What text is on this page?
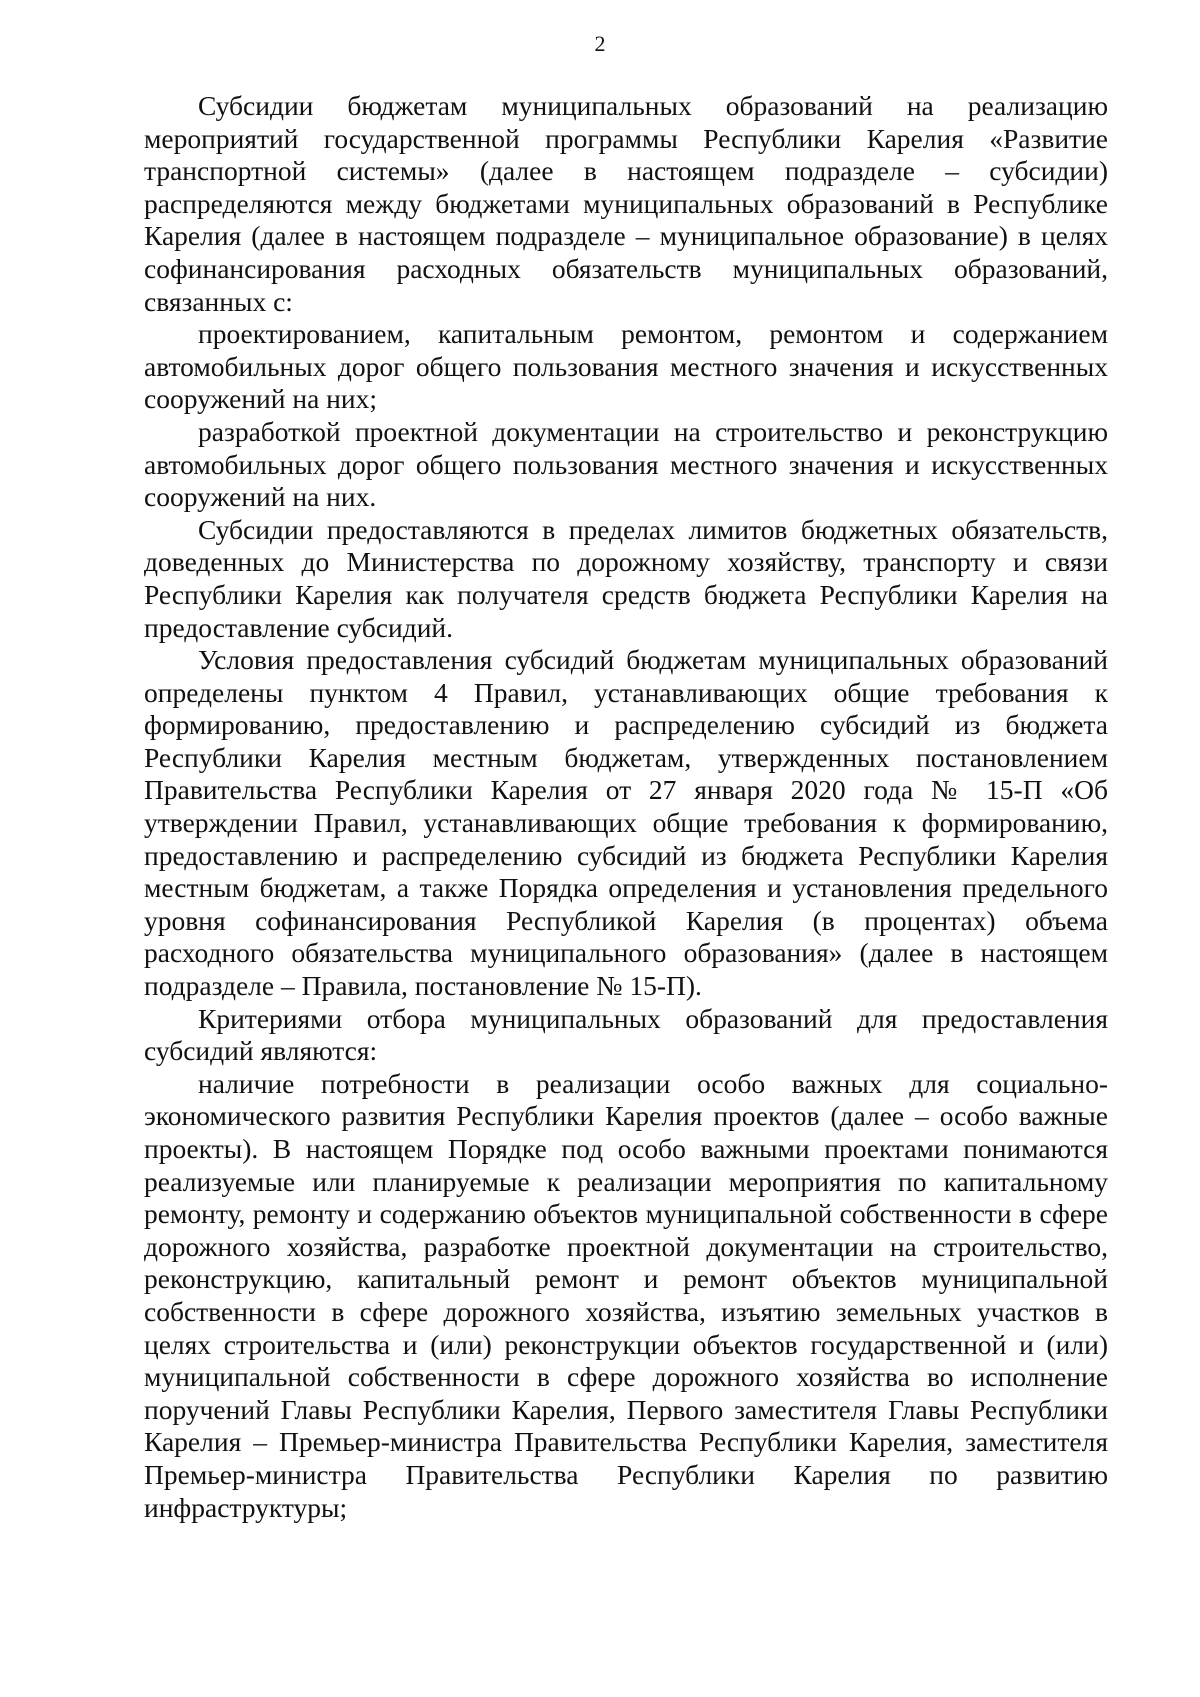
2

Субсидии бюджетам муниципальных образований на реализацию мероприятий государственной программы Республики Карелия «Развитие транспортной системы» (далее в настоящем подразделе – субсидии) распределяются между бюджетами муниципальных образований в Республике Карелия (далее в настоящем подразделе – муниципальное образование) в целях софинансирования расходных обязательств муниципальных образований, связанных с:

проектированием, капитальным ремонтом, ремонтом и содержанием автомобильных дорог общего пользования местного значения и искусственных сооружений на них;

разработкой проектной документации на строительство и реконструкцию автомобильных дорог общего пользования местного значения и искусственных сооружений на них.

Субсидии предоставляются в пределах лимитов бюджетных обязательств, доведенных до Министерства по дорожному хозяйству, транспорту и связи Республики Карелия как получателя средств бюджета Республики Карелия на предоставление субсидий.

Условия предоставления субсидий бюджетам муниципальных образований определены пунктом 4 Правил, устанавливающих общие требования к формированию, предоставлению и распределению субсидий из бюджета Республики Карелия местным бюджетам, утвержденных постановлением Правительства Республики Карелия от 27 января 2020 года № 15-П «Об утверждении Правил, устанавливающих общие требования к формированию, предоставлению и распределению субсидий из бюджета Республики Карелия местным бюджетам, а также Порядка определения и установления предельного уровня софинансирования Республикой Карелия (в процентах) объема расходного обязательства муниципального образования» (далее в настоящем подразделе – Правила, постановление № 15-П).

Критериями отбора муниципальных образований для предоставления субсидий являются:

наличие потребности в реализации особо важных для социально-экономического развития Республики Карелия проектов (далее – особо важные проекты). В настоящем Порядке под особо важными проектами понимаются реализуемые или планируемые к реализации мероприятия по капитальному ремонту, ремонту и содержанию объектов муниципальной собственности в сфере дорожного хозяйства, разработке проектной документации на строительство, реконструкцию, капитальный ремонт и ремонт объектов муниципальной собственности в сфере дорожного хозяйства, изъятию земельных участков в целях строительства и (или) реконструкции объектов государственной и (или) муниципальной собственности в сфере дорожного хозяйства во исполнение поручений Главы Республики Карелия, Первого заместителя Главы Республики Карелия – Премьер-министра Правительства Республики Карелия, заместителя Премьер-министра Правительства Республики Карелия по развитию инфраструктуры;
